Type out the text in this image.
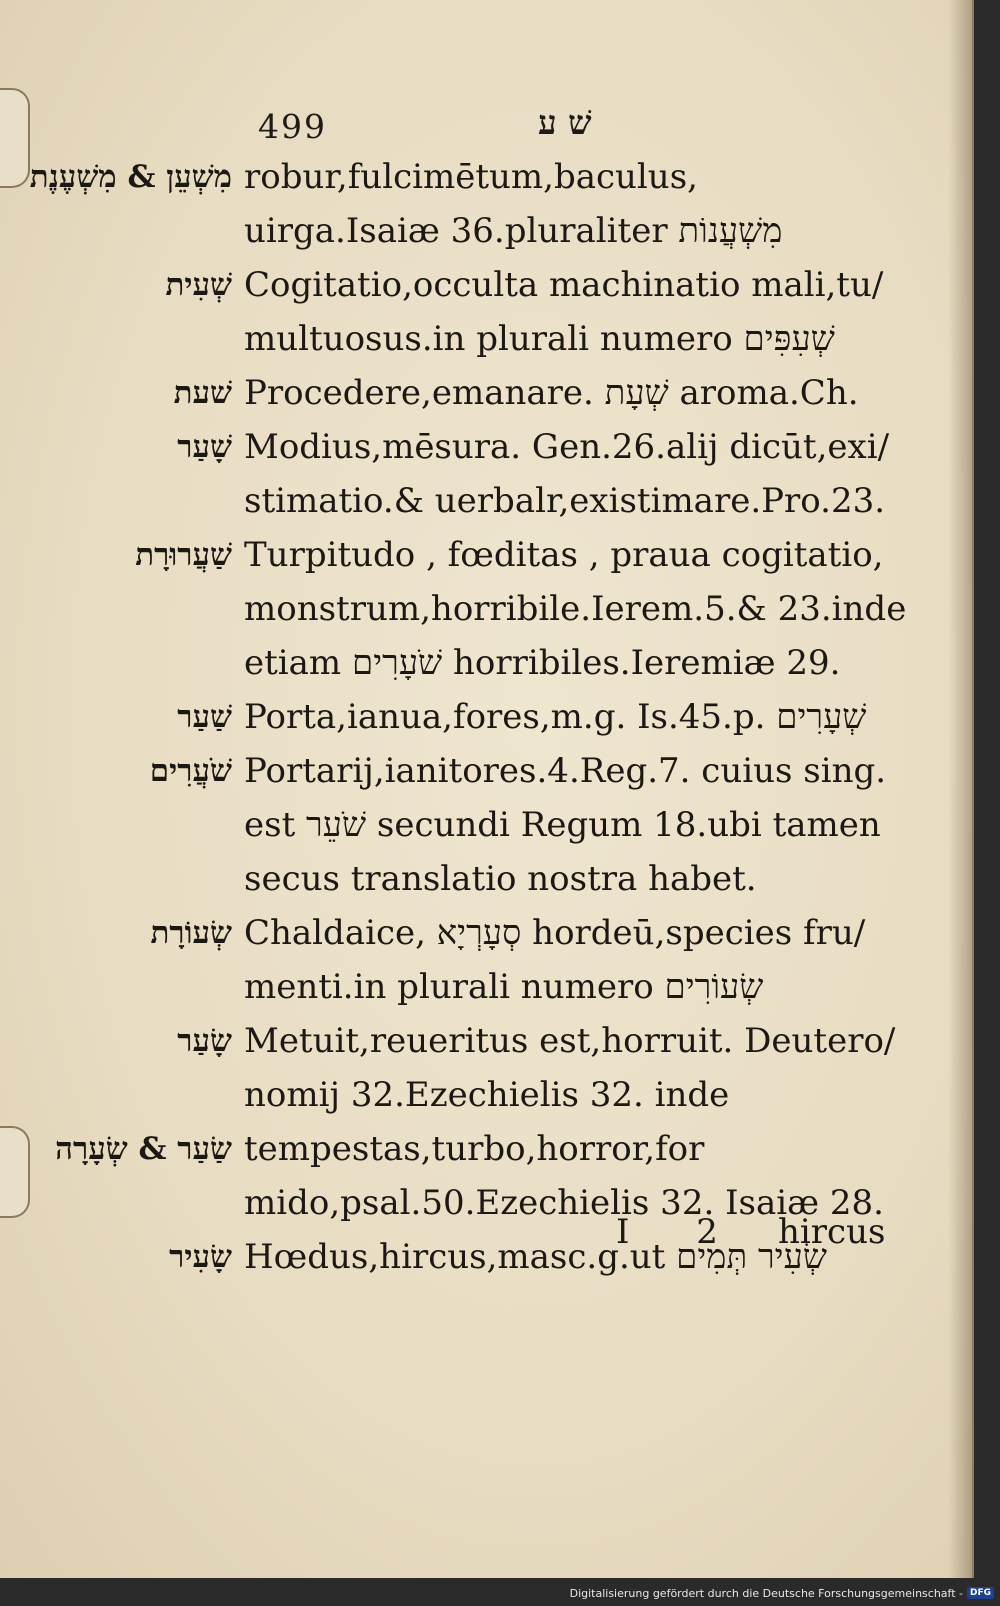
499	שׁ ע
מִשְׁעֵן & מִשְׁעֶנֶת robur,fulcimētum,baculus,
uirga.Isaiæ 36.pluraliter מִשְׁעֲנוֹת
שְׁעִית Cogitatio,occulta machinatio mali,tu/
multuosus.in plurali numero שְׁעִפִּים
שׁעת Procedere,emanare. שְׁעָת aroma.Ch.
שָׁעַר Modius,mēsura. Gen.26.alij dicūt,exi/
stimatio.& uerbalr,existimare.Pro.23.
שַׁעֲרוּרָת Turpitudo , fœditas , praua cogitatio,
monstrum,horribile.Ierem.5.& 23.inde
etiam שֹׁעָרִים horribiles.Ieremiæ 29.
שַׁעַר Porta,ianua,fores,m.g. Is.45.p. שְׁעָרִים
שֹׁעֲרִים Portarij,ianitores.4.Reg.7. cuius sing.
est שֹׁעֵר secundi Regum 18.ubi tamen
secus translatio nostra habet.
שְׂעוֹרָת Chaldaice, סְעָרְיָא hordeū,species fru/
menti.in plurali numero שְׂעוֹרִים
שָׂעַר Metuit,reueritus est,horruit. Deutero/
nomij 32.Ezechielis 32. inde
שַׂעַר & שְׂעָרָה tempestas,turbo,horror,for
mido,psal.50.Ezechielis 32. Isaiæ 28.
שָׂעִיר Hœdus,hircus,masc.g.ut שְׂעִיר תְּמִים
I 2 hircus
Digitalisierung gefördert durch die Deutsche Forschungsgemeinschaft - DFG
